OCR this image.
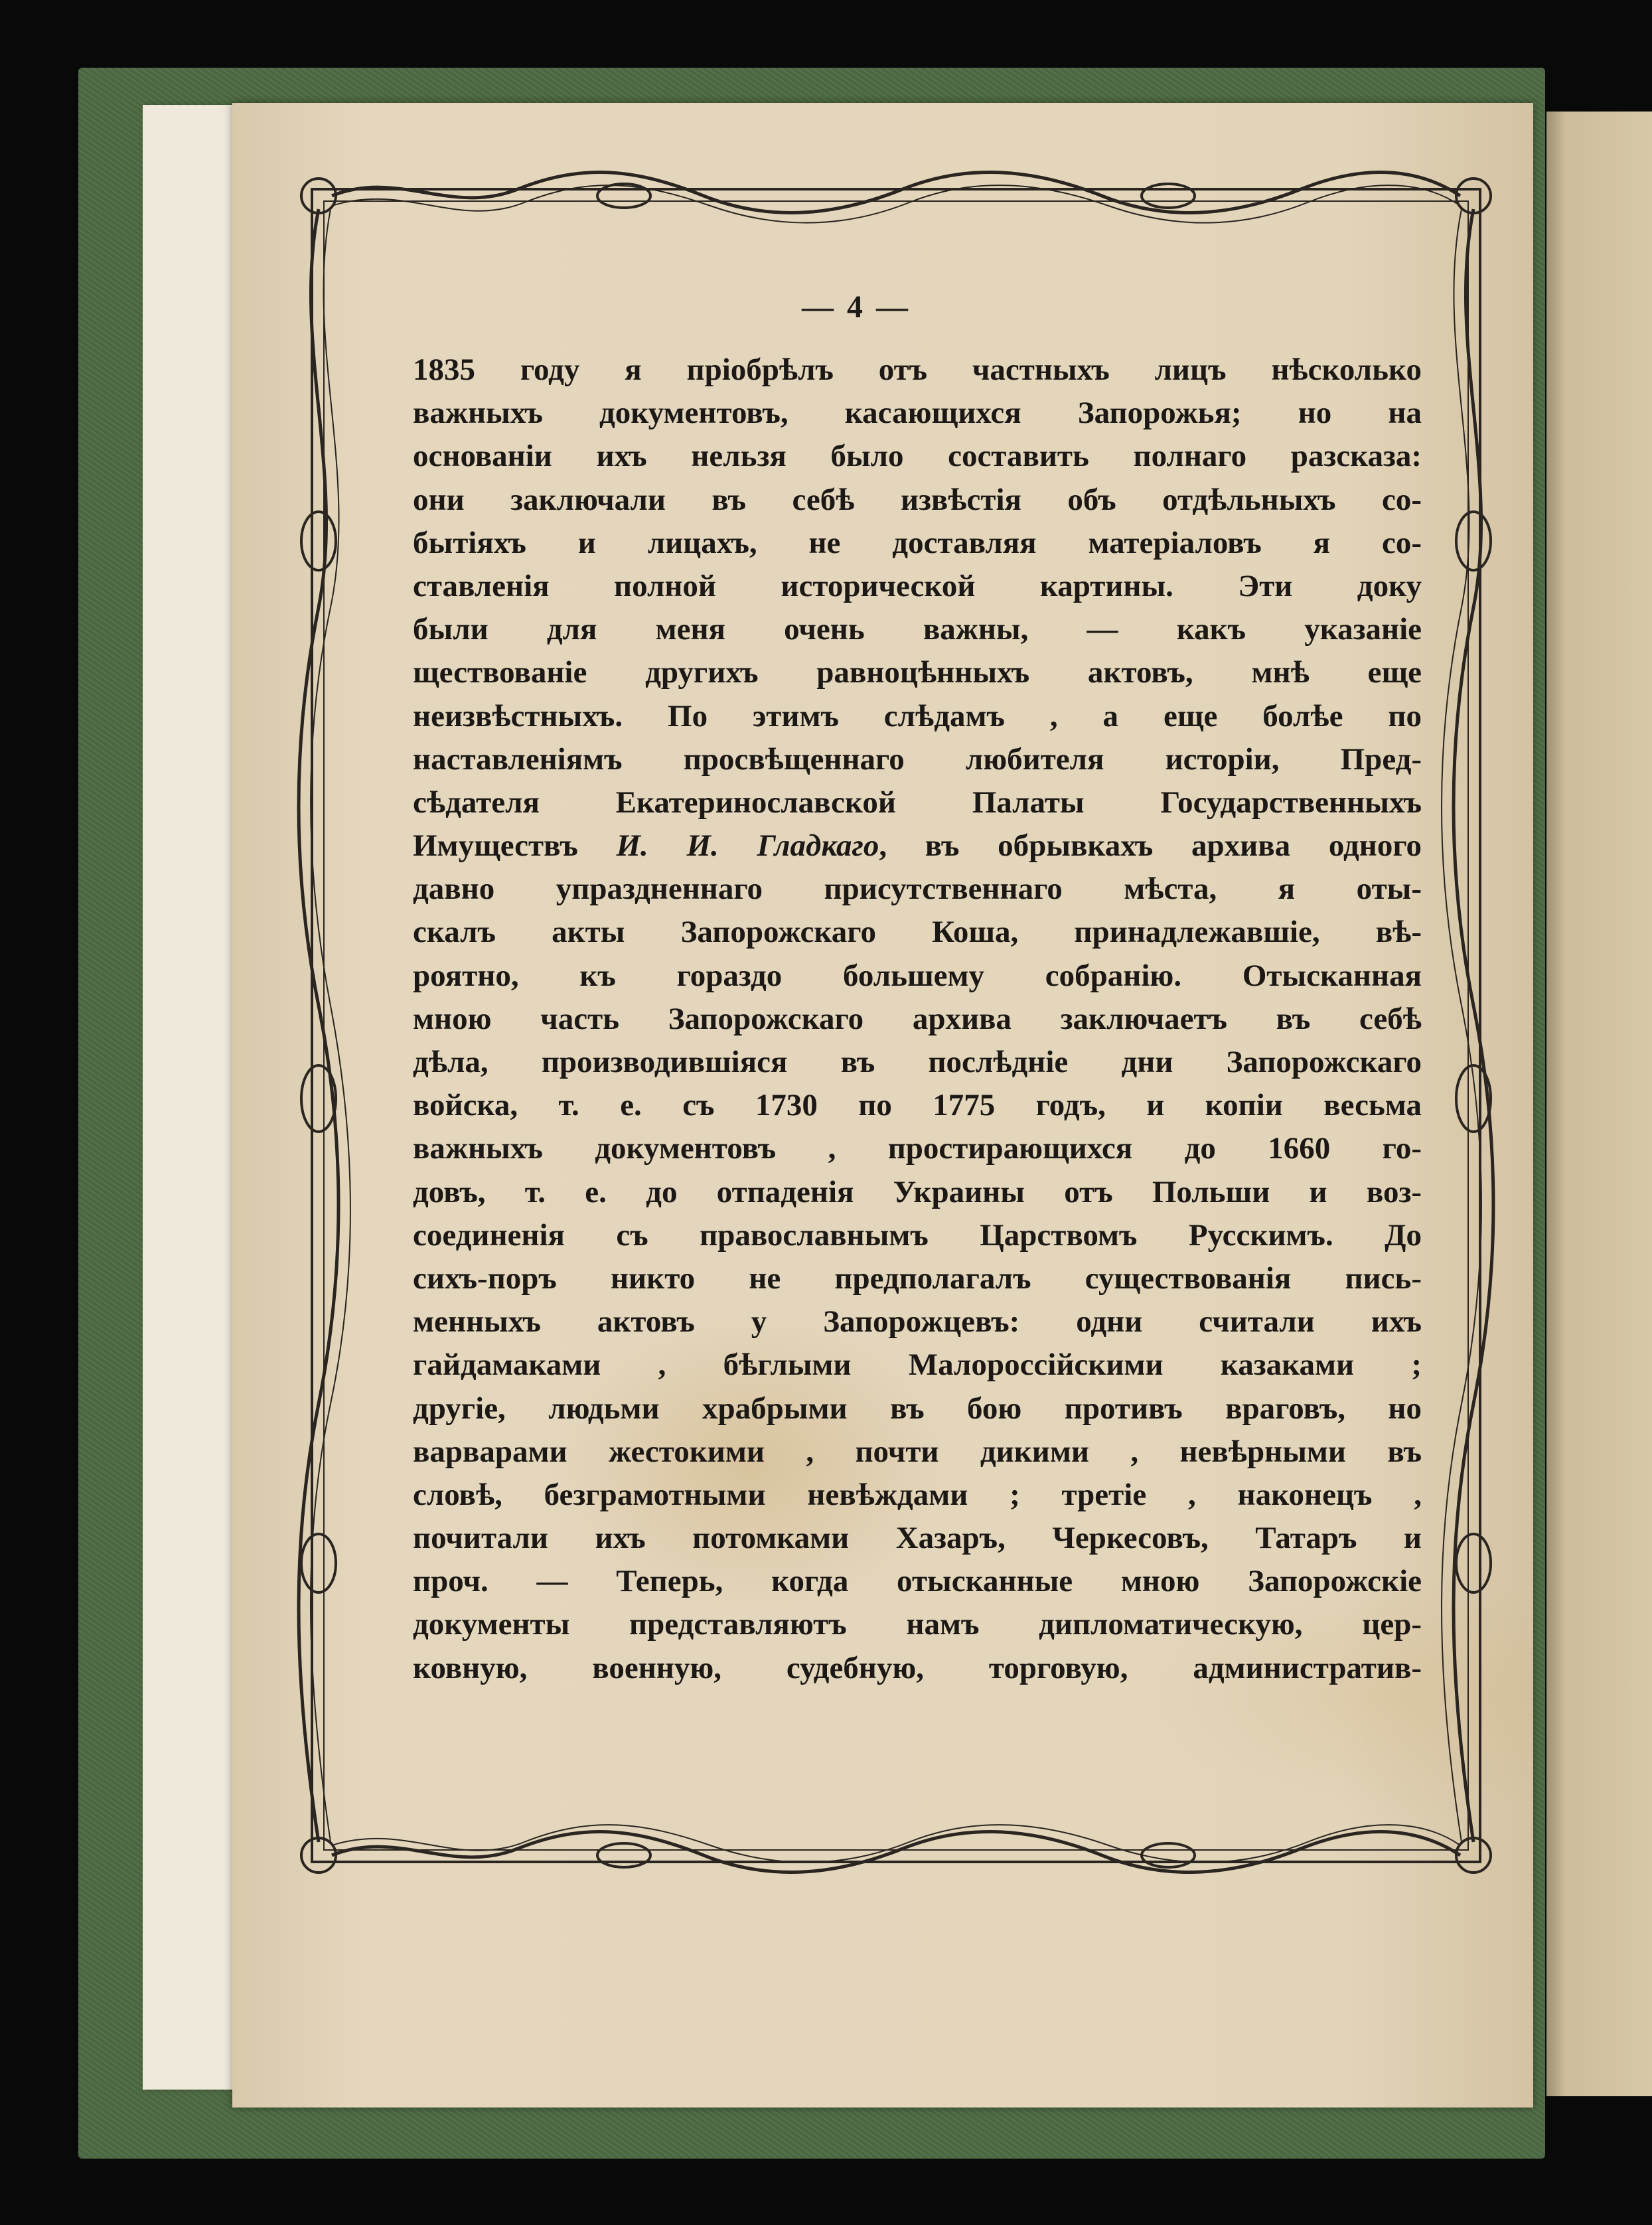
— 4 —
1835 году я пріобрѣлъ отъ частныхъ лицъ нѣсколько
важныхъ документовъ, касающихся Запорожья; но на
основаніи ихъ нельзя было составить полнаго разсказа:
они заключали въ себѣ извѣстія объ отдѣльныхъ со-
бытіяхъ и лицахъ, не доставляя матеріаловъ я со-
ставленія полной исторической картины. Эти доку
были для меня очень важны, — какъ указаніе
ществованіе другихъ равноцѣнныхъ актовъ, мнѣ еще
неизвѣстныхъ. По этимъ слѣдамъ , а еще болѣе по
наставленіямъ просвѣщеннаго любителя исторіи, Пред-
сѣдателя Екатеринославской Палаты Государственныхъ
Имуществъ И. И. Гладкаго, въ обрывкахъ архива одного
давно упраздненнаго присутственнаго мѣста, я оты-
скалъ акты Запорожскаго Коша, принадлежавшіе, вѣ-
роятно, къ гораздо большему собранію. Отысканная
мною часть Запорожскаго архива заключаетъ въ себѣ
дѣла, производившіяся въ послѣдніе дни Запорожскаго
войска, т. е. съ 1730 по 1775 годъ, и копіи весьма
важныхъ документовъ , простирающихся до 1660 го-
довъ, т. е. до отпаденія Украины отъ Польши и воз-
соединенія съ православнымъ Царствомъ Русскимъ. До
сихъ-поръ никто не предполагалъ существованія пись-
менныхъ актовъ у Запорожцевъ: одни считали ихъ
гайдамаками , бѣглыми Малороссійскими казаками ;
другіе, людьми храбрыми въ бою противъ враговъ, но
варварами жестокими , почти дикими , невѣрными въ
словѣ, безграмотными невѣждами ; третіе , наконецъ ,
почитали ихъ потомками Хазаръ, Черкесовъ, Татаръ и
проч. — Теперь, когда отысканные мною Запорожскіе
документы представляютъ намъ дипломатическую, цер-
ковную, военную, судебную, торговую, административ-
